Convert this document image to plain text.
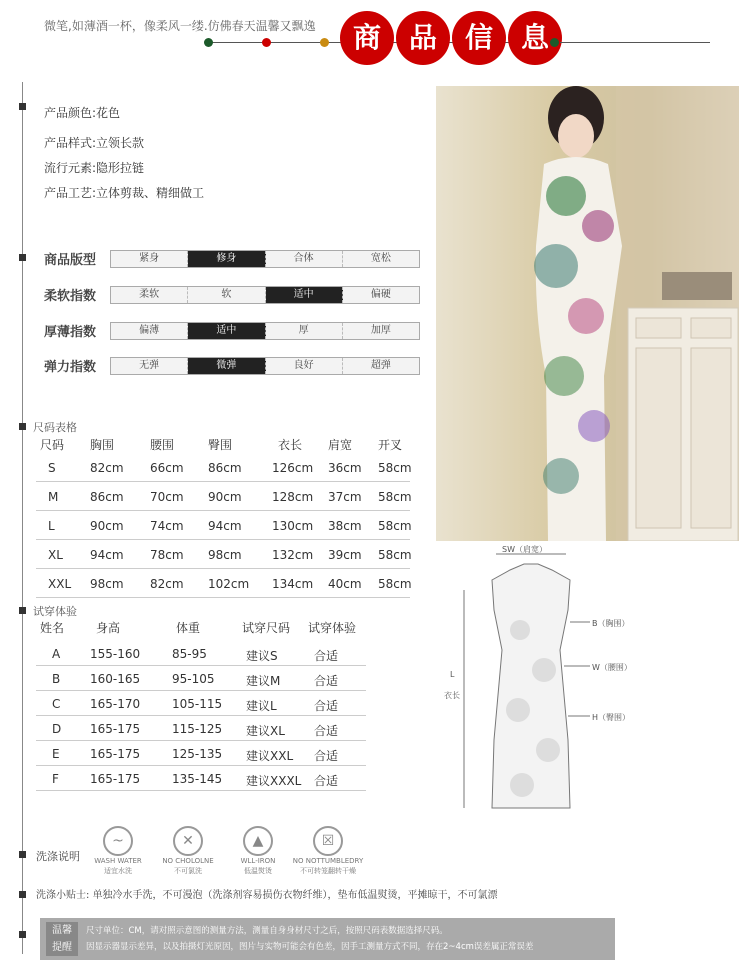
微笔,如薄酒一杯，像柔风一缕.仿佛春天温馨又飘逸	商 品 信 息
产品颜色:花色
产品样式:立领长款
流行元素:隐形拉链
产品工艺:立体剪裁、精细做工
商品版型	紧身	修身	合体	宽松
柔软指数	柔软	软	适中	偏硬
厚薄指数	偏薄	适中	厚	加厚
弹力指数	无弹	微弹	良好	超弹
尺码表格
尺码 胸围	腰围	臀围	衣长 肩宽 开叉
S	82cm 66cm 86cm	126cm 36cm 58cm
M	86cm 70cm 90cm	128cm 37cm 58cm
L	90cm 74cm 94cm	130cm 38cm 58cm
XL 94cm 78cm 98cm	132cm 39cm 58cm
XXL 98cm 82cm 102cm 134cm 40cm 58cm
试穿体验
姓名	身高	体重	试穿尺码 试穿体验
A 155-160	85-95	建议S	合适
B 160-165	95-105	建议M	合适
C 165-170	105-115 建议L	合适
D 165-175	115-125 建议XL 合适
E	165-175	125-135 建议XXL 合适
F	165-175	135-145 建议XXXL 合适
SW（肩宽）
B（胸围）
W（腰围）
H（臀围）
L
衣长
洗涤说明
~
WASH WATER
适宜水洗
✕
NO CHOLOLNE
不可氯洗
▲
WLL-IRON
低温熨烫
☒
NO NOTTUMBLEDRY
不可转笼翻转干燥
洗涤小贴士: 单独冷水手洗，不可漫泡（洗涤剂容易损伤衣物纤维），垫布低温熨烫，平摊晾干，不可氯漂
温馨
提醒
尺寸单位：CM，请对照示意图的测量方法，测量自身身材尺寸之后，按照尺码表数据选择尺码。
因显示器显示差异，以及拍摄灯光原因，图片与实物可能会有色差，因手工测量方式不同，存在2~4cm误差属正常误差
